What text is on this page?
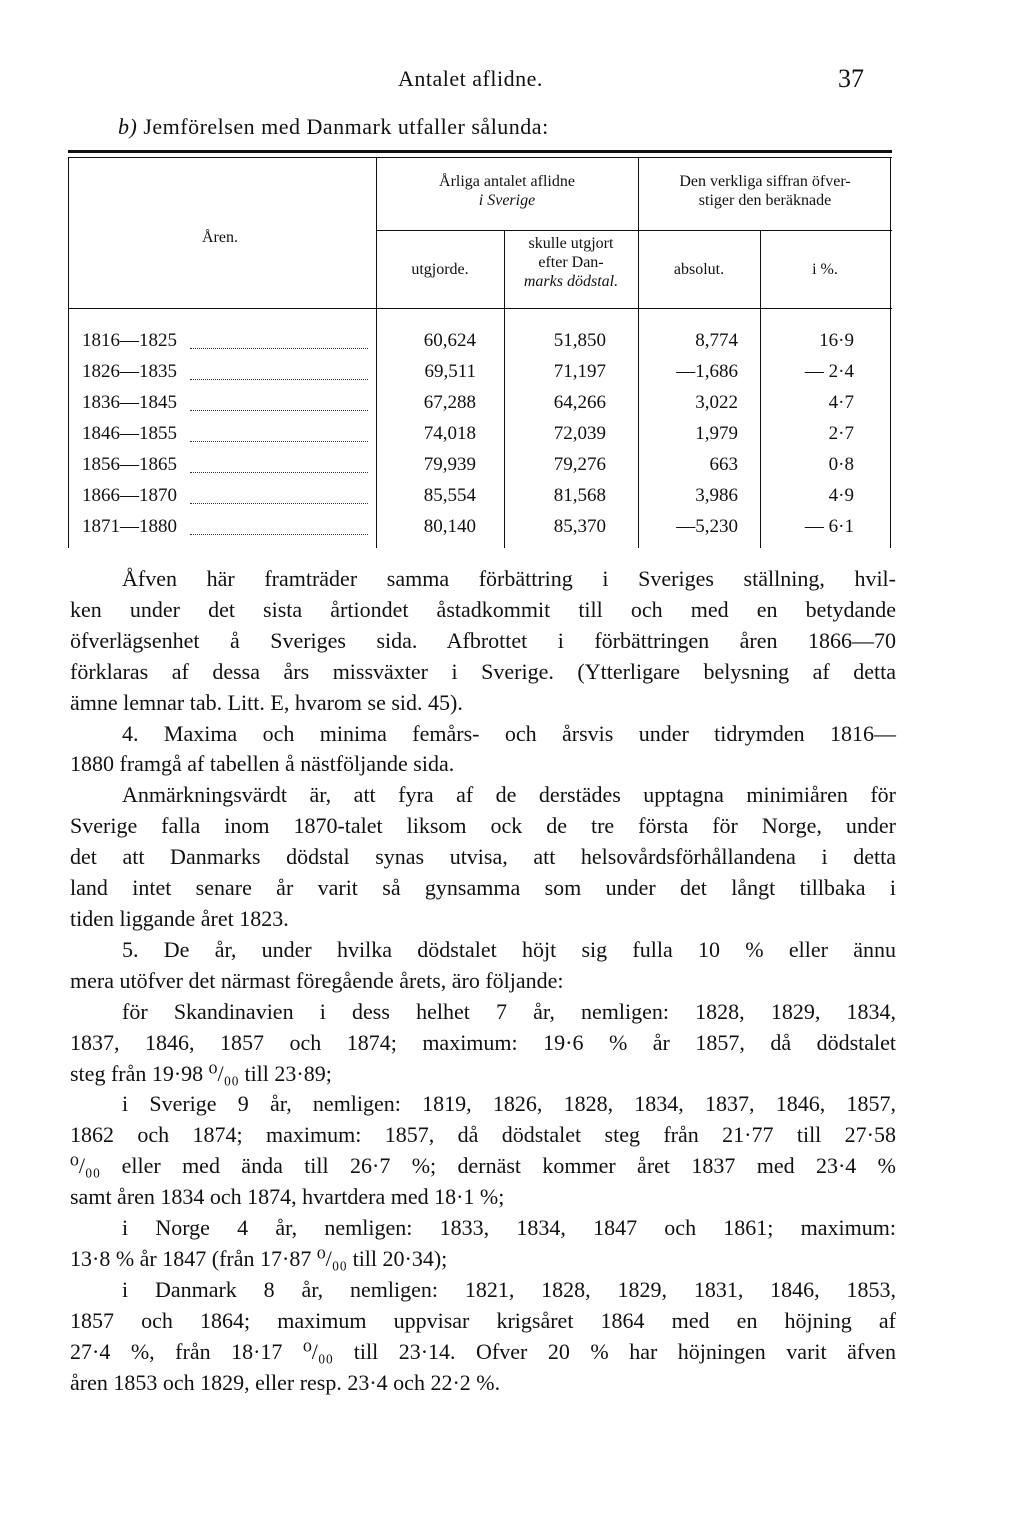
Antalet aflidne.	37
b) Jemförelsen med Danmark utfaller sålunda:
Åren.
Årliga antalet aflidne
i Sverige
Den verkliga siffran öfver-
stiger den beräknade
utgjorde.
skulle utgjort
efter Dan-
marks dödstal.
absolut.	i %.
1816—1825	60,624	51,850	8,774	16·9
1826—1835	69,511	71,197	—1,686	— 2·4
1836—1845	67,288	64,266	3,022	4·7
1846—1855	74,018	72,039	1,979	2·7
1856—1865	79,939	79,276	663	0·8
1866—1870	85,554	81,568	3,986	4·9
1871—1880	80,140	85,370	—5,230	— 6·1
Åfven här framträder samma förbättring i Sveriges ställning, hvil-
ken under det sista årtiondet åstadkommit till och med en betydande
öfverlägsenhet å Sveriges sida. Afbrottet i förbättringen åren 1866—70
förklaras af dessa års missväxter i Sverige. (Ytterligare belysning af detta
ämne lemnar tab. Litt. E, hvarom se sid. 45).
4. Maxima och minima femårs- och årsvis under tidrymden 1816—
1880 framgå af tabellen å nästföljande sida.
Anmärkningsvärdt är, att fyra af de derstädes upptagna minimiåren för
Sverige falla inom 1870-talet liksom ock de tre första för Norge, under
det att Danmarks dödstal synas utvisa, att helsovårdsförhållandena i detta
land intet senare år varit så gynsamma som under det långt tillbaka i
tiden liggande året 1823.
5. De år, under hvilka dödstalet höjt sig fulla 10 % eller ännu
mera utöfver det närmast föregående årets, äro följande:
för Skandinavien i dess helhet 7 år, nemligen: 1828, 1829, 1834,
1837, 1846, 1857 och 1874; maximum: 19·6 % år 1857, då dödstalet
steg från 19·98 ⁰/₀₀ till 23·89;
i Sverige 9 år, nemligen: 1819, 1826, 1828, 1834, 1837, 1846, 1857,
1862 och 1874; maximum: 1857, då dödstalet steg från 21·77 till 27·58
⁰/₀₀ eller med ända till 26·7 %; dernäst kommer året 1837 med 23·4 %
samt åren 1834 och 1874, hvartdera med 18·1 %;
i Norge 4 år, nemligen: 1833, 1834, 1847 och 1861; maximum:
13·8 % år 1847 (från 17·87 ⁰/₀₀ till 20·34);
i Danmark 8 år, nemligen: 1821, 1828, 1829, 1831, 1846, 1853,
1857 och 1864; maximum uppvisar krigsåret 1864 med en höjning af
27·4 %, från 18·17 ⁰/₀₀ till 23·14. Ofver 20 % har höjningen varit äfven
åren 1853 och 1829, eller resp. 23·4 och 22·2 %.
